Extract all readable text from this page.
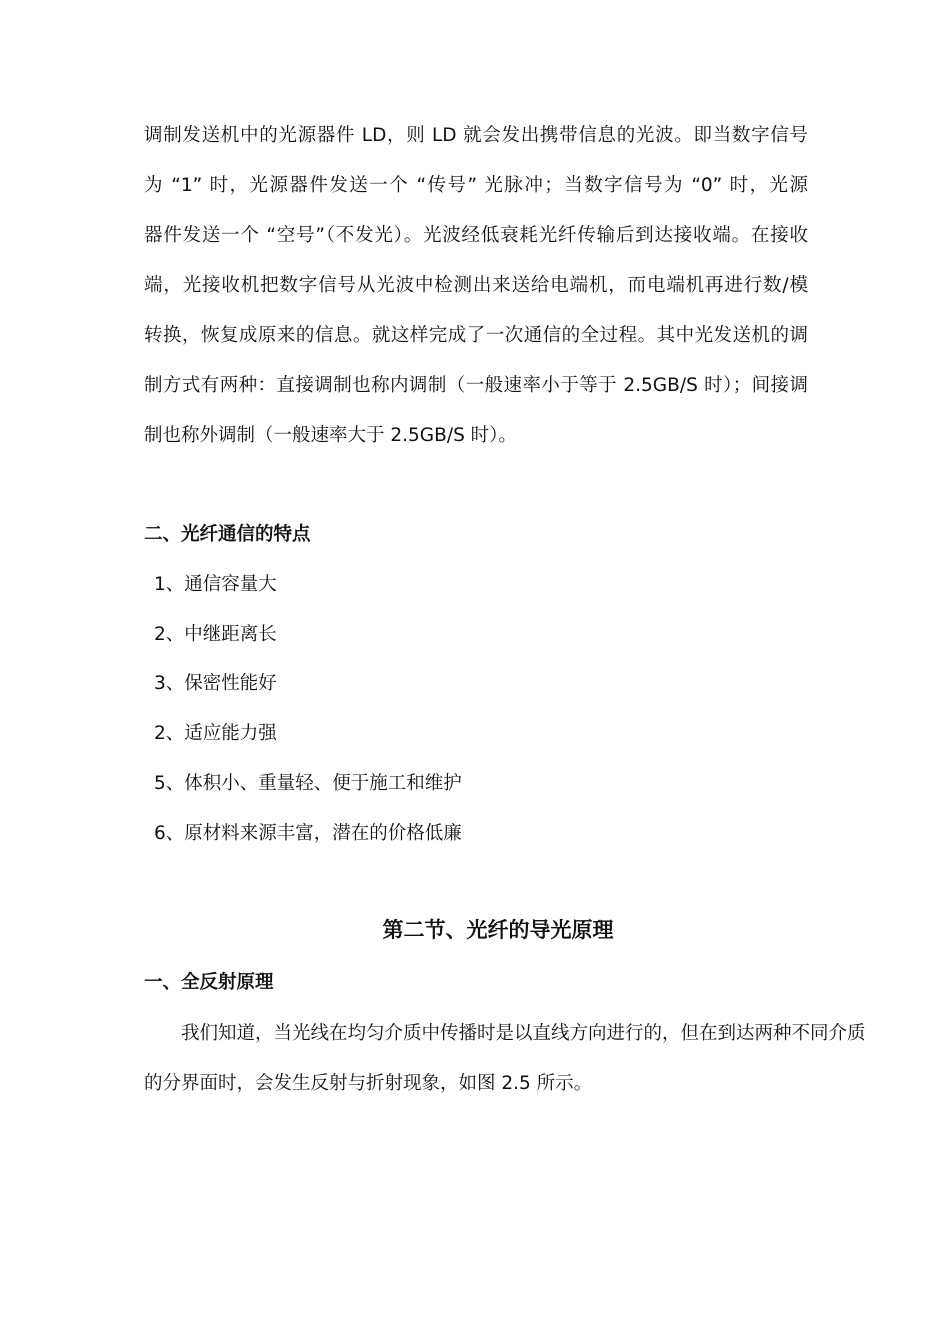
调制发送机中的光源器件 LD，则 LD 就会发出携带信息的光波。即当数字信号
为 “1” 时，光源器件发送一个 “传号” 光脉冲；当数字信号为 “0” 时，光源
器件发送一个 “空号”（不发光）。光波经低衰耗光纤传输后到达接收端。在接收
端，光接收机把数字信号从光波中检测出来送给电端机，而电端机再进行数/模
转换，恢复成原来的信息。就这样完成了一次通信的全过程。其中光发送机的调
制方式有两种：直接调制也称内调制（一般速率小于等于 2.5GB/S 时）；间接调
制也称外调制（一般速率大于 2.5GB/S 时）。
二、光纤通信的特点
1、通信容量大
2、中继距离长
3、保密性能好
2、适应能力强
5、体积小、重量轻、便于施工和维护
6、原材料来源丰富，潜在的价格低廉
第二节、光纤的导光原理
一、全反射原理
我们知道，当光线在均匀介质中传播时是以直线方向进行的，但在到达两种不同介质
的分界面时，会发生反射与折射现象，如图 2.5 所示。
